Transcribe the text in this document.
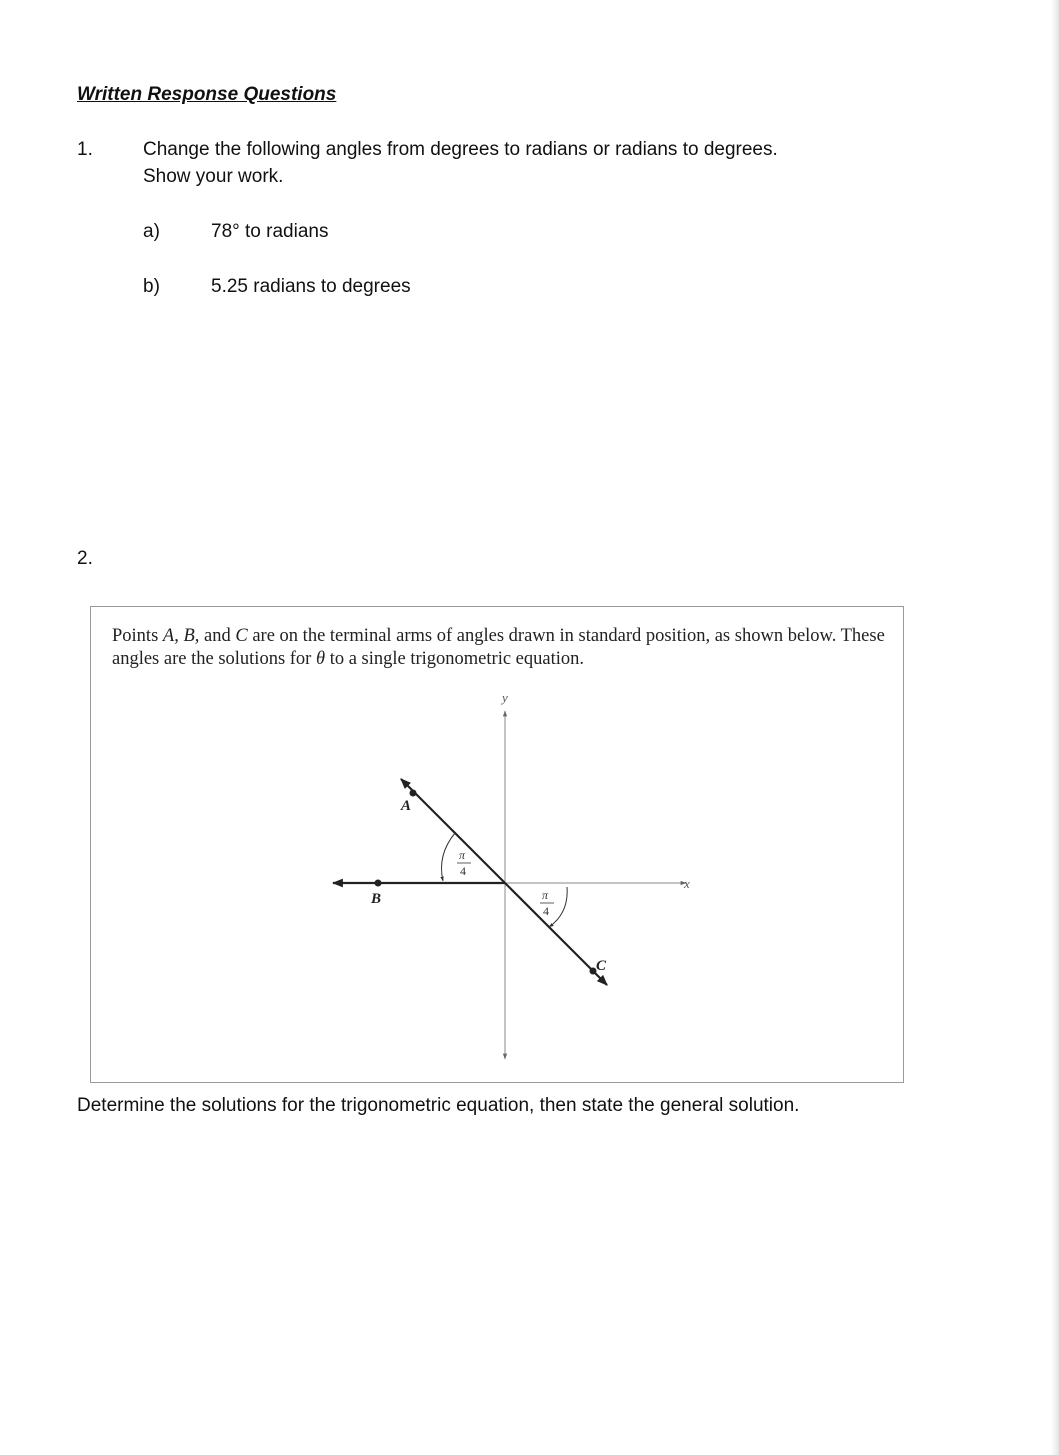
Written Response Questions
1.	Change the following angles from degrees to radians or radians to degrees.
Show your work.
a)	78° to radians
b)	5.25 radians to degrees
2.
Points A, B, and C are on the terminal arms of angles drawn in standard position, as shown below. These angles are the solutions for θ to a single trigonometric equation.
y
x
A
B
C
π
4
π
4
Determine the solutions for the trigonometric equation, then state the general solution.
